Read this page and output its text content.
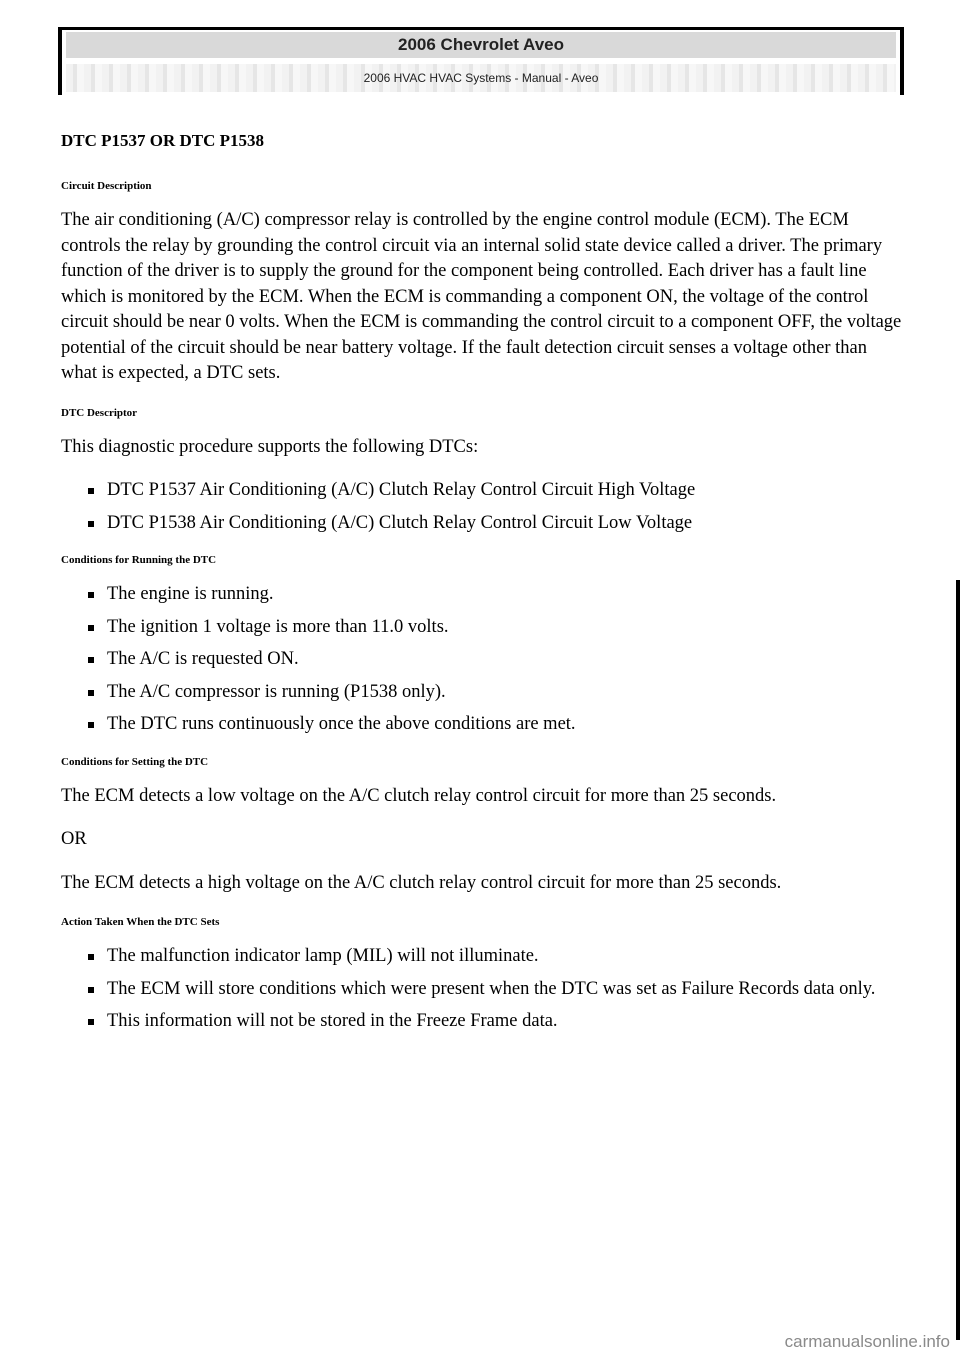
2006 Chevrolet Aveo
2006 HVAC HVAC Systems - Manual - Aveo
DTC P1537 OR DTC P1538
Circuit Description

The air conditioning (A/C) compressor relay is controlled by the engine control module (ECM). The ECM controls the relay by grounding the control circuit via an internal solid state device called a driver. The primary function of the driver is to supply the ground for the component being controlled. Each driver has a fault line which is monitored by the ECM. When the ECM is commanding a component ON, the voltage of the control circuit should be near 0 volts. When the ECM is commanding the control circuit to a component OFF, the voltage potential of the circuit should be near battery voltage. If the fault detection circuit senses a voltage other than what is expected, a DTC sets.

DTC Descriptor

This diagnostic procedure supports the following DTCs:

DTC P1537 Air Conditioning (A/C) Clutch Relay Control Circuit High Voltage
DTC P1538 Air Conditioning (A/C) Clutch Relay Control Circuit Low Voltage
Conditions for Running the DTC
The engine is running.
The ignition 1 voltage is more than 11.0 volts.
The A/C is requested ON.
The A/C compressor is running (P1538 only).
The DTC runs continuously once the above conditions are met.
Conditions for Setting the DTC

The ECM detects a low voltage on the A/C clutch relay control circuit for more than 25 seconds.

OR

The ECM detects a high voltage on the A/C clutch relay control circuit for more than 25 seconds.

Action Taken When the DTC Sets
The malfunction indicator lamp (MIL) will not illuminate.
The ECM will store conditions which were present when the DTC was set as Failure Records data only.
This information will not be stored in the Freeze Frame data.
carmanualsonline.info
